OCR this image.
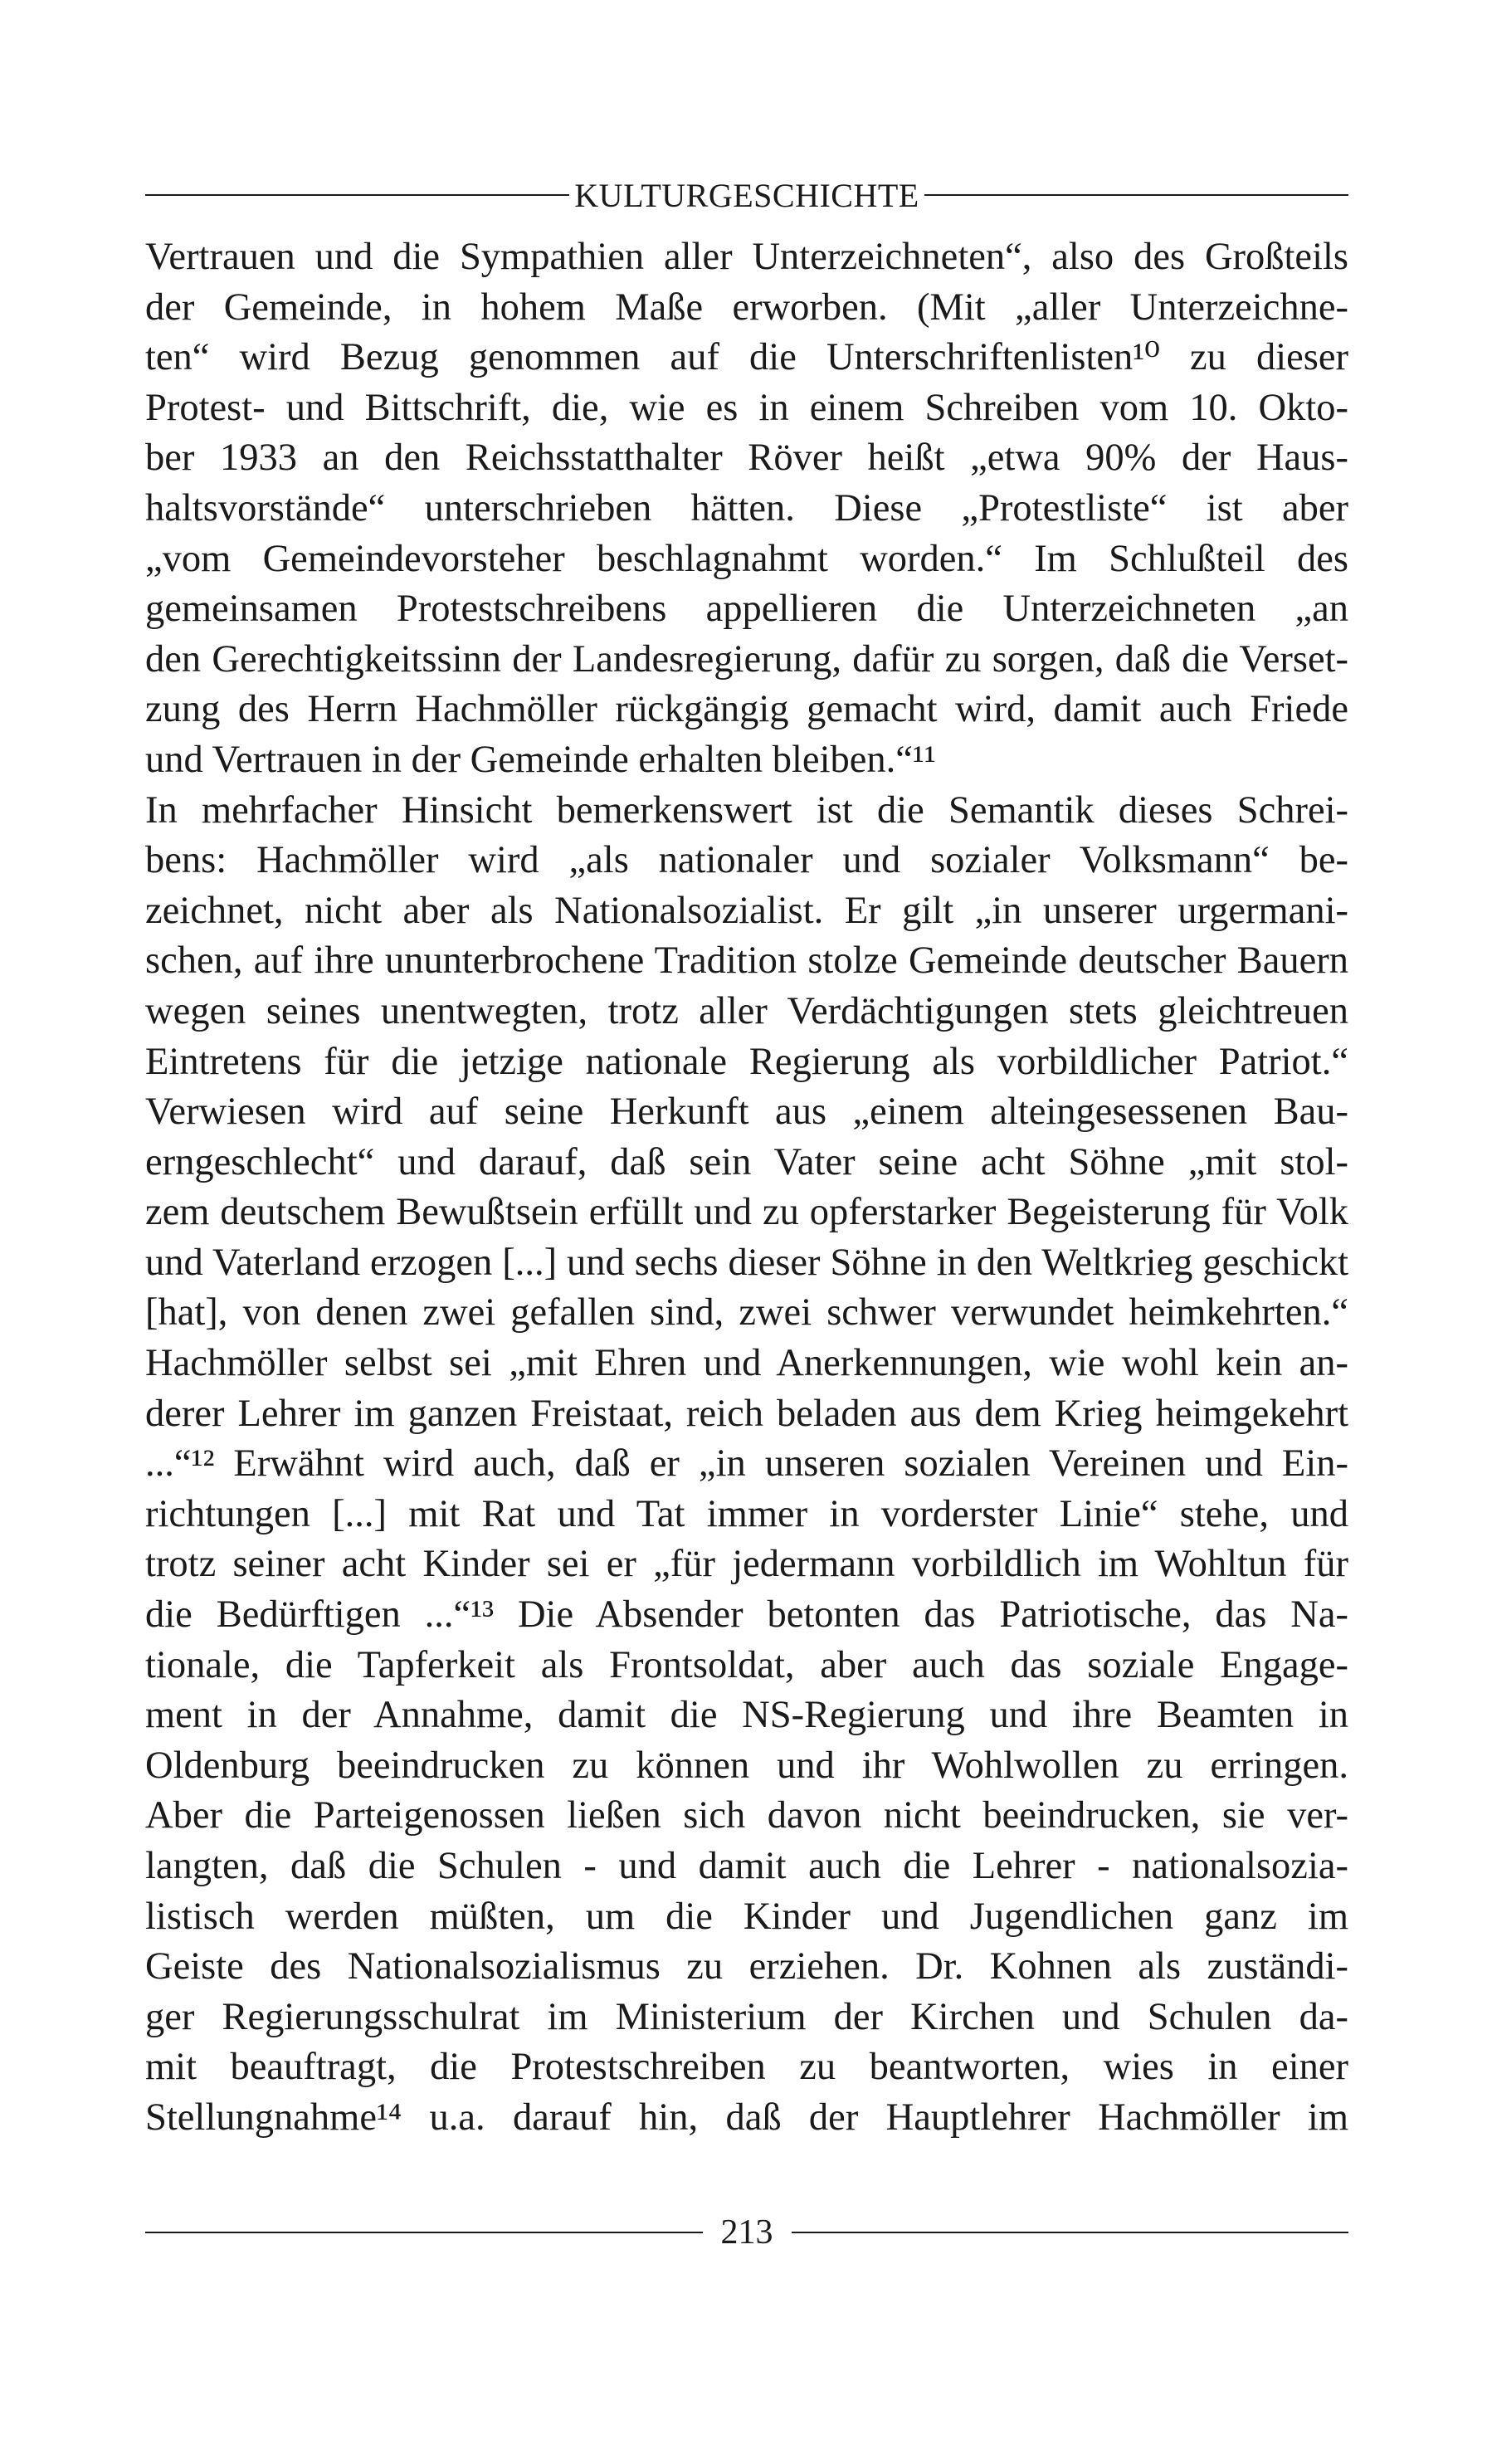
KULTURGESCHICHTE
Vertrauen und die Sympathien aller Unterzeichneten“, also des Großteils
der Gemeinde, in hohem Maße erworben. (Mit „aller Unterzeichne-
ten“ wird Bezug genommen auf die Unterschriftenlisten¹⁰ zu dieser
Protest- und Bittschrift, die, wie es in einem Schreiben vom 10. Okto-
ber 1933 an den Reichsstatthalter Röver heißt „etwa 90% der Haus-
haltsvorstände“ unterschrieben hätten. Diese „Protestliste“ ist aber
„vom Gemeindevorsteher beschlagnahmt worden.“ Im Schlußteil des
gemeinsamen Protestschreibens appellieren die Unterzeichneten „an
den Gerechtigkeitssinn der Landesregierung, dafür zu sorgen, daß die Verset-
zung des Herrn Hachmöller rückgängig gemacht wird, damit auch Friede
und Vertrauen in der Gemeinde erhalten bleiben.“¹¹
In mehrfacher Hinsicht bemerkenswert ist die Semantik dieses Schrei-
bens: Hachmöller wird „als nationaler und sozialer Volksmann“ be-
zeichnet, nicht aber als Nationalsozialist. Er gilt „in unserer urgermani-
schen, auf ihre ununterbrochene Tradition stolze Gemeinde deutscher Bauern
wegen seines unentwegten, trotz aller Verdächtigungen stets gleichtreuen
Eintretens für die jetzige nationale Regierung als vorbildlicher Patriot.“
Verwiesen wird auf seine Herkunft aus „einem alteingesessenen Bau-
erngeschlecht“ und darauf, daß sein Vater seine acht Söhne „mit stol-
zem deutschem Bewußtsein erfüllt und zu opferstarker Begeisterung für Volk
und Vaterland erzogen [...] und sechs dieser Söhne in den Weltkrieg geschickt
[hat], von denen zwei gefallen sind, zwei schwer verwundet heimkehrten.“
Hachmöller selbst sei „mit Ehren und Anerkennungen, wie wohl kein an-
derer Lehrer im ganzen Freistaat, reich beladen aus dem Krieg heimgekehrt
...“¹² Erwähnt wird auch, daß er „in unseren sozialen Vereinen und Ein-
richtungen [...] mit Rat und Tat immer in vorderster Linie“ stehe, und
trotz seiner acht Kinder sei er „für jedermann vorbildlich im Wohltun für
die Bedürftigen ...“¹³ Die Absender betonten das Patriotische, das Na-
tionale, die Tapferkeit als Frontsoldat, aber auch das soziale Engage-
ment in der Annahme, damit die NS-Regierung und ihre Beamten in
Oldenburg beeindrucken zu können und ihr Wohlwollen zu erringen.
Aber die Parteigenossen ließen sich davon nicht beeindrucken, sie ver-
langten, daß die Schulen - und damit auch die Lehrer - nationalsozia-
listisch werden müßten, um die Kinder und Jugendlichen ganz im
Geiste des Nationalsozialismus zu erziehen. Dr. Kohnen als zuständi-
ger Regierungsschulrat im Ministerium der Kirchen und Schulen da-
mit beauftragt, die Protestschreiben zu beantworten, wies in einer
Stellungnahme¹⁴ u.a. darauf hin, daß der Hauptlehrer Hachmöller im
213
